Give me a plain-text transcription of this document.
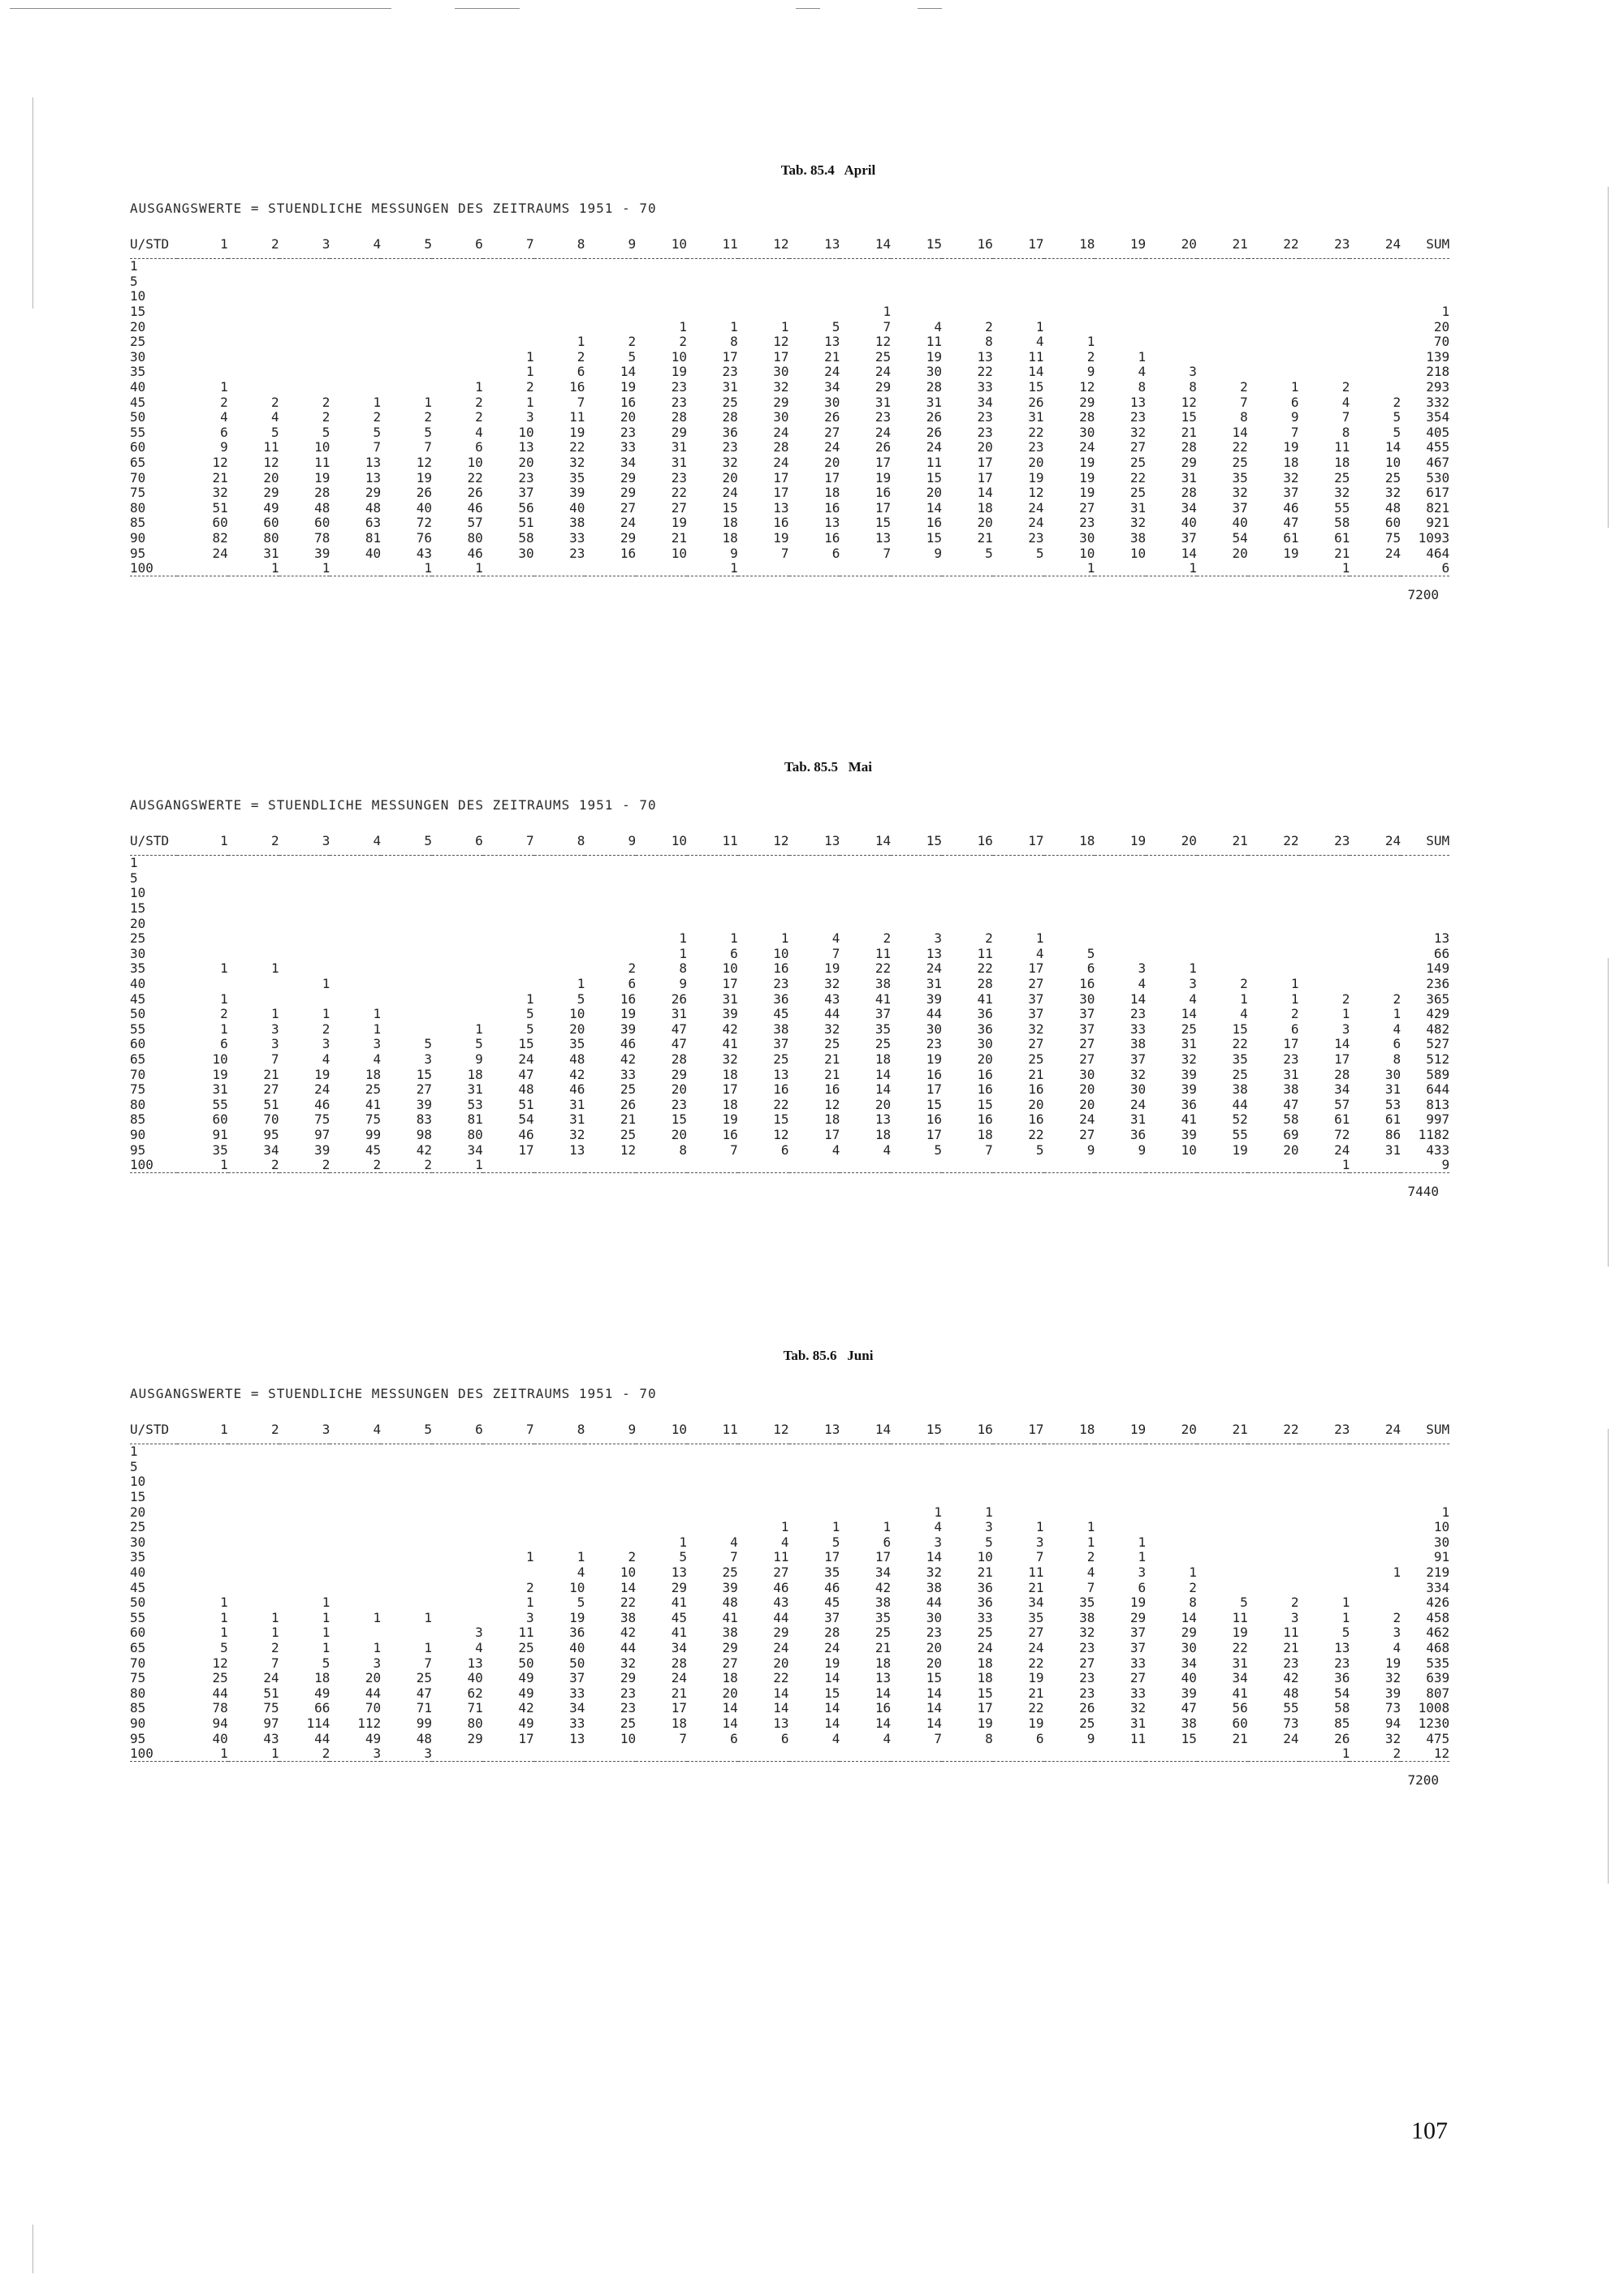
Tab. 85.4   April
AUSGANGSWERTE = STUENDLICHE MESSUNGEN DES ZEITRAUMS 1951 - 70
U/STD	1	2	3	4	5	6	7	8	9	10	11	12	13	14	15	16	17	18	19	20	21	22	23	24	SUM
1																									
5																									
10																									
15														1											1
20										1	1	1	5	7	4	2	1								20
25								1	2	2	8	12	13	12	11	8	4	1							70
30							1	2	5	10	17	17	21	25	19	13	11	2	1						139
35							1	6	14	19	23	30	24	24	30	22	14	9	4	3					218
40	1					1	2	16	19	23	31	32	34	29	28	33	15	12	8	8	2	1	2		293
45	2	2	2	1	1	2	1	7	16	23	25	29	30	31	31	34	26	29	13	12	7	6	4	2	332
50	4	4	2	2	2	2	3	11	20	28	28	30	26	23	26	23	31	28	23	15	8	9	7	5	354
55	6	5	5	5	5	4	10	19	23	29	36	24	27	24	26	23	22	30	32	21	14	7	8	5	405
60	9	11	10	7	7	6	13	22	33	31	23	28	24	26	24	20	23	24	27	28	22	19	11	14	455
65	12	12	11	13	12	10	20	32	34	31	32	24	20	17	11	17	20	19	25	29	25	18	18	10	467
70	21	20	19	13	19	22	23	35	29	23	20	17	17	19	15	17	19	19	22	31	35	32	25	25	530
75	32	29	28	29	26	26	37	39	29	22	24	17	18	16	20	14	12	19	25	28	32	37	32	32	617
80	51	49	48	48	40	46	56	40	27	27	15	13	16	17	14	18	24	27	31	34	37	46	55	48	821
85	60	60	60	63	72	57	51	38	24	19	18	16	13	15	16	20	24	23	32	40	40	47	58	60	921
90	82	80	78	81	76	80	58	33	29	21	18	19	16	13	15	21	23	30	38	37	54	61	61	75	1093
95	24	31	39	40	43	46	30	23	16	10	9	7	6	7	9	5	5	10	10	14	20	19	21	24	464
100		1	1		1	1					1							1		1			1		6
7200
Tab. 85.5   Mai
AUSGANGSWERTE = STUENDLICHE MESSUNGEN DES ZEITRAUMS 1951 - 70
U/STD	1	2	3	4	5	6	7	8	9	10	11	12	13	14	15	16	17	18	19	20	21	22	23	24	SUM
1																									
5																									
10																									
15																									
20																									
25										1	1	1	4	2	3	2	1								13
30										1	6	10	7	11	13	11	4	5							66
35	1	1							2	8	10	16	19	22	24	22	17	6	3	1					149
40			1					1	6	9	17	23	32	38	31	28	27	16	4	3	2	1			236
45	1						1	5	16	26	31	36	43	41	39	41	37	30	14	4	1	1	2	2	365
50	2	1	1	1			5	10	19	31	39	45	44	37	44	36	37	37	23	14	4	2	1	1	429
55	1	3	2	1		1	5	20	39	47	42	38	32	35	30	36	32	37	33	25	15	6	3	4	482
60	6	3	3	3	5	5	15	35	46	47	41	37	25	25	23	30	27	27	38	31	22	17	14	6	527
65	10	7	4	4	3	9	24	48	42	28	32	25	21	18	19	20	25	27	37	32	35	23	17	8	512
70	19	21	19	18	15	18	47	42	33	29	18	13	21	14	16	16	21	30	32	39	25	31	28	30	589
75	31	27	24	25	27	31	48	46	25	20	17	16	16	14	17	16	16	20	30	39	38	38	34	31	644
80	55	51	46	41	39	53	51	31	26	23	18	22	12	20	15	15	20	20	24	36	44	47	57	53	813
85	60	70	75	75	83	81	54	31	21	15	19	15	18	13	16	16	16	24	31	41	52	58	61	61	997
90	91	95	97	99	98	80	46	32	25	20	16	12	17	18	17	18	22	27	36	39	55	69	72	86	1182
95	35	34	39	45	42	34	17	13	12	8	7	6	4	4	5	7	5	9	9	10	19	20	24	31	433
100	1	2	2	2	2	1																	1		9
7440
Tab. 85.6   Juni
AUSGANGSWERTE = STUENDLICHE MESSUNGEN DES ZEITRAUMS 1951 - 70
U/STD	1	2	3	4	5	6	7	8	9	10	11	12	13	14	15	16	17	18	19	20	21	22	23	24	SUM
1																									
5																									
10																									
15																									
20															1	1									1
25												1	1	1	4	3	1	1							10
30										1	4	4	5	6	3	5	3	1	1						30
35							1	1	2	5	7	11	17	17	14	10	7	2	1						91
40								4	10	13	25	27	35	34	32	21	11	4	3	1				1	219
45							2	10	14	29	39	46	46	42	38	36	21	7	6	2					334
50	1		1				1	5	22	41	48	43	45	38	44	36	34	35	19	8	5	2	1		426
55	1	1	1	1	1		3	19	38	45	41	44	37	35	30	33	35	38	29	14	11	3	1	2	458
60	1	1	1			3	11	36	42	41	38	29	28	25	23	25	27	32	37	29	19	11	5	3	462
65	5	2	1	1	1	4	25	40	44	34	29	24	24	21	20	24	24	23	37	30	22	21	13	4	468
70	12	7	5	3	7	13	50	50	32	28	27	20	19	18	20	18	22	27	33	34	31	23	23	19	535
75	25	24	18	20	25	40	49	37	29	24	18	22	14	13	15	18	19	23	27	40	34	42	36	32	639
80	44	51	49	44	47	62	49	33	23	21	20	14	15	14	14	15	21	23	33	39	41	48	54	39	807
85	78	75	66	70	71	71	42	34	23	17	14	14	14	16	14	17	22	26	32	47	56	55	58	73	1008
90	94	97	114	112	99	80	49	33	25	18	14	13	14	14	14	19	19	25	31	38	60	73	85	94	1230
95	40	43	44	49	48	29	17	13	10	7	6	6	4	4	7	8	6	9	11	15	21	24	26	32	475
100	1	1	2	3	3																		1	2	12
7200
107
